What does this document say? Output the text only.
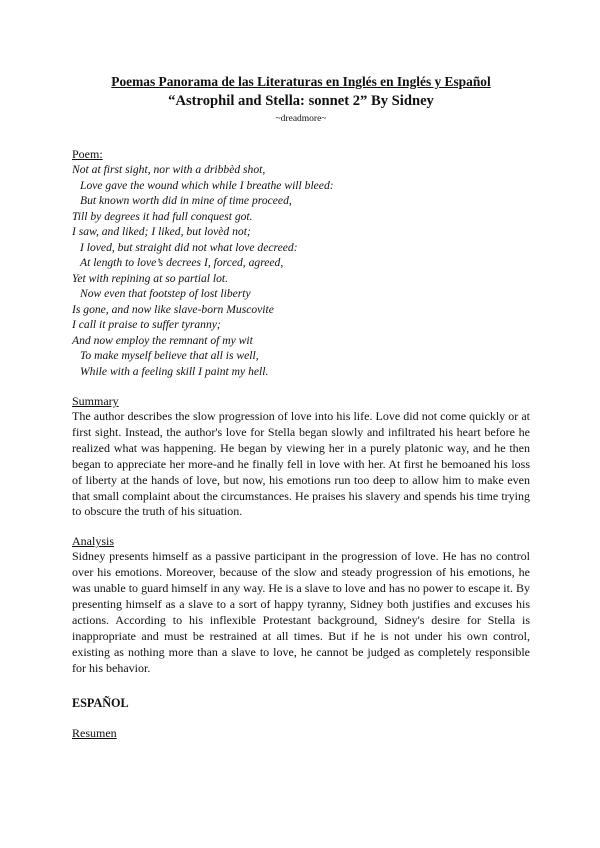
Poemas Panorama de las Literaturas en Inglés en Inglés y Español
“Astrophil and Stella: sonnet 2” By Sidney

~dreadmore~

Poem:

Not at first sight, nor with a dribbèd shot,
Love gave the wound which while I breathe will bleed:
But known worth did in mine of time proceed,
Till by degrees it had full conquest got.
I saw, and liked; I liked, but lovèd not;
I loved, but straight did not what love decreed:
At length to love’s decrees I, forced, agreed,
Yet with repining at so partial lot.
Now even that footstep of lost liberty
Is gone, and now like slave-born Muscovite
I call it praise to suffer tyranny;
And now employ the remnant of my wit
To make myself believe that all is well,
While with a feeling skill I paint my hell.

Summary

The author describes the slow progression of love into his life. Love did not come quickly or at first sight. Instead, the author's love for Stella began slowly and infiltrated his heart before he realized what was happening. He began by viewing her in a purely platonic way, and he then began to appreciate her more-and he finally fell in love with her. At first he bemoaned his loss of liberty at the hands of love, but now, his emotions run too deep to allow him to make even that small complaint about the circumstances. He praises his slavery and spends his time trying to obscure the truth of his situation.

Analysis

Sidney presents himself as a passive participant in the progression of love. He has no control over his emotions. Moreover, because of the slow and steady progression of his emotions, he was unable to guard himself in any way. He is a slave to love and has no power to escape it. By presenting himself as a slave to a sort of happy tyranny, Sidney both justifies and excuses his actions. According to his inflexible Protestant background, Sidney's desire for Stella is inappropriate and must be restrained at all times. But if he is not under his own control, existing as nothing more than a slave to love, he cannot be judged as completely responsible for his behavior.

ESPAÑOL

Resumen
